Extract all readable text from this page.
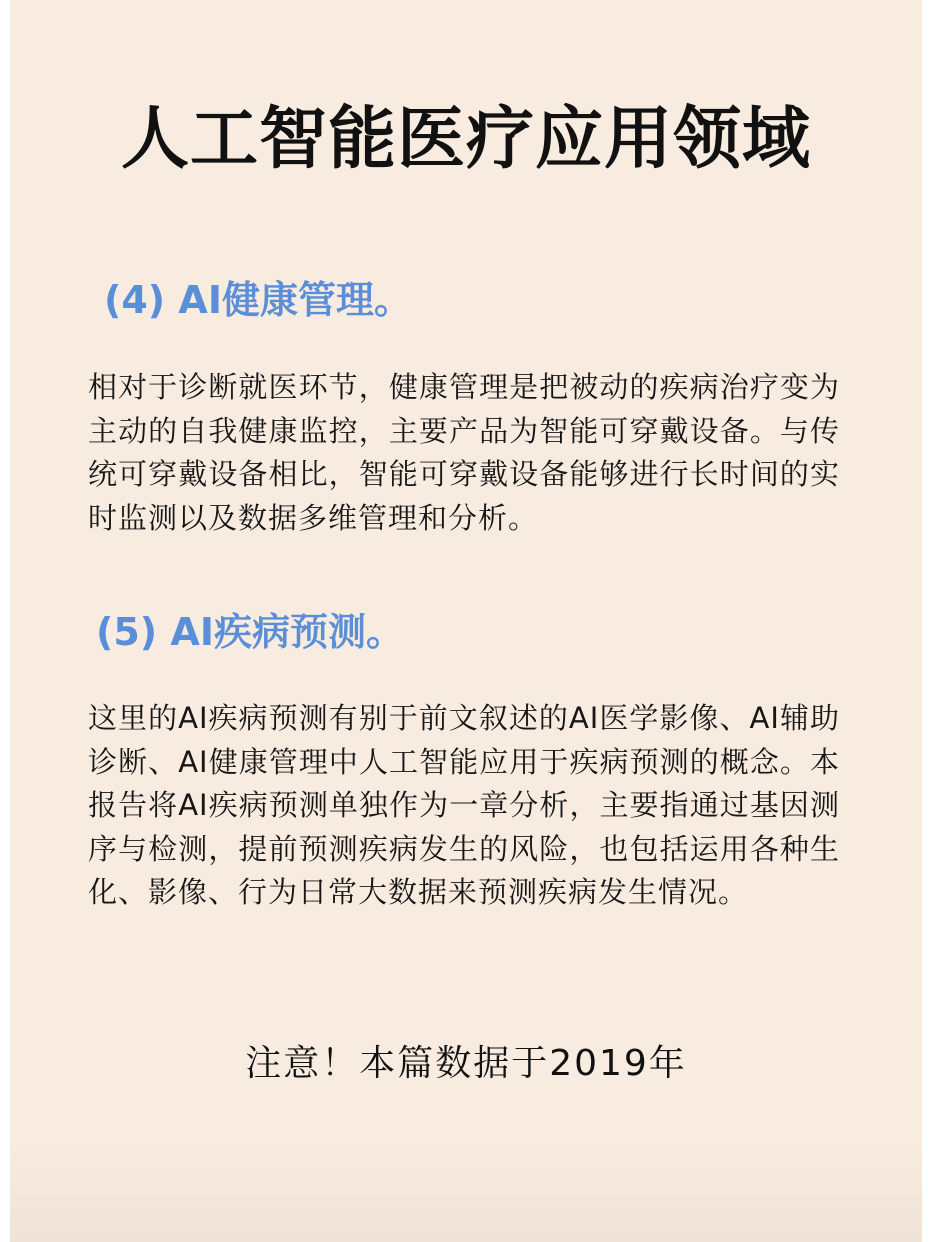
人工智能医疗应用领域
(4) AI健康管理。

相对于诊断就医环节，健康管理是把被动的疾病治疗变为主动的自我健康监控，主要产品为智能可穿戴设备。与传统可穿戴设备相比，智能可穿戴设备能够进行长时间的实时监测以及数据多维管理和分析。

(5) AI疾病预测。

这里的AI疾病预测有别于前文叙述的AI医学影像、AI辅助诊断、AI健康管理中人工智能应用于疾病预测的概念。本报告将AI疾病预测单独作为一章分析，主要指通过基因测序与检测，提前预测疾病发生的风险，也包括运用各种生化、影像、行为日常大数据来预测疾病发生情况。

注意！本篇数据于2019年
